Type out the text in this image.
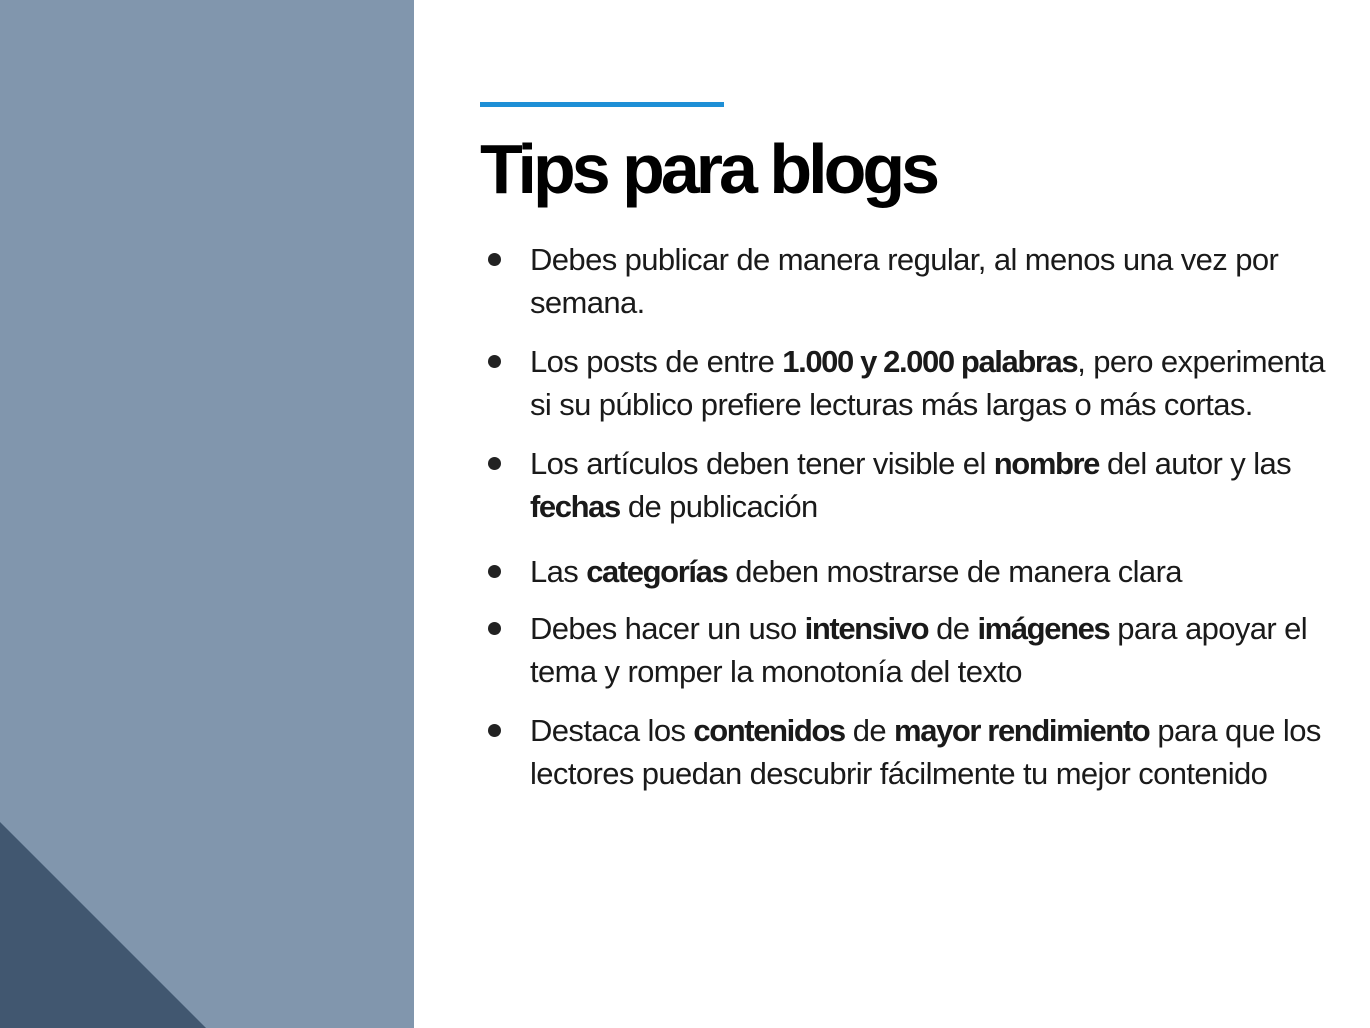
Tips para blogs
Debes publicar de manera regular, al menos una vez por semana.
Los posts de entre 1.000 y 2.000 palabras, pero experimenta si su público prefiere lecturas más largas o más cortas.
Los artículos deben tener visible el nombre del autor y las fechas de publicación
Las categorías deben mostrarse de manera clara
Debes hacer un uso intensivo de imágenes para apoyar el tema y romper la monotonía del texto
Destaca los contenidos de mayor rendimiento para que los lectores puedan descubrir fácilmente tu mejor contenido
